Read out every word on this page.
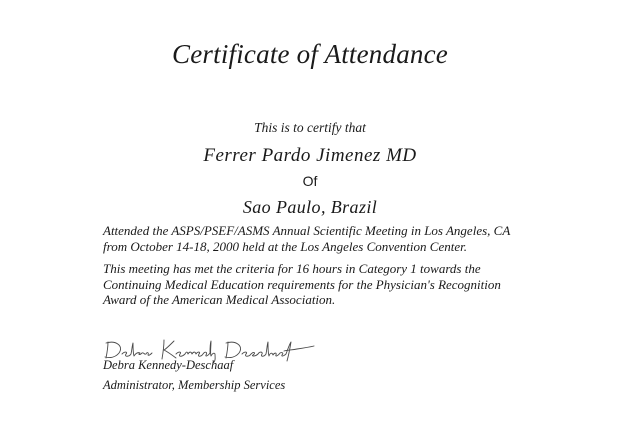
Certificate of Attendance
This is to certify that
Ferrer Pardo Jimenez MD
Of
Sao Paulo, Brazil
Attended the ASPS/PSEF/ASMS Annual Scientific Meeting in Los Angeles, CA
from October 14-18, 2000 held at the Los Angeles Convention Center.
This meeting has met the criteria for 16 hours in Category 1 towards the
Continuing Medical Education requirements for the Physician's Recognition
Award of the American Medical Association.
Debra Kennedy-Deschaaf
Administrator, Membership Services
